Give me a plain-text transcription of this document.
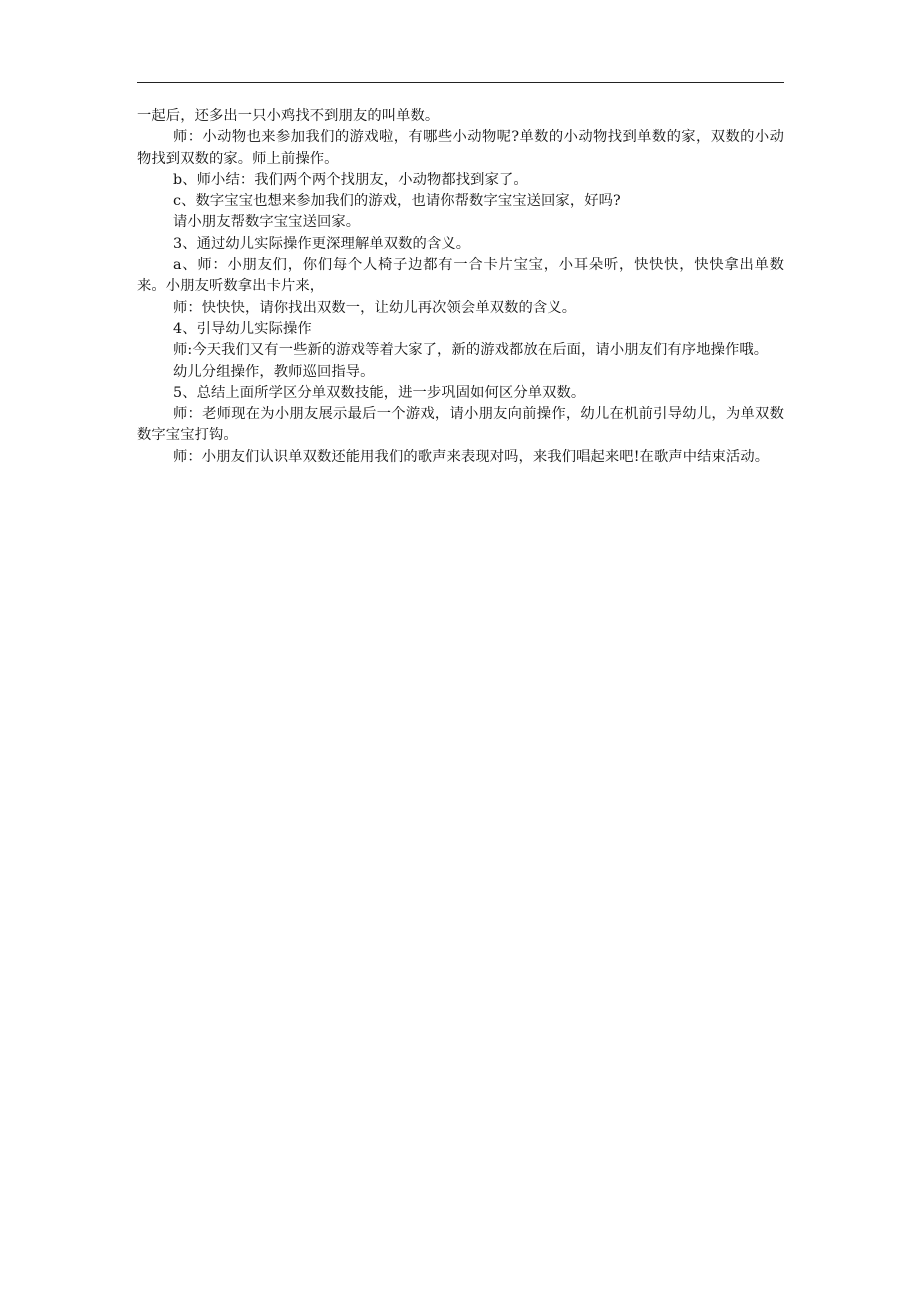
一起后，还多出一只小鸡找不到朋友的叫单数。

师：小动物也来参加我们的游戏啦，有哪些小动物呢?单数的小动物找到单数的家，双数的小动物找到双数的家。师上前操作。

b、师小结：我们两个两个找朋友，小动物都找到家了。

c、数字宝宝也想来参加我们的游戏，也请你帮数字宝宝送回家，好吗?

请小朋友帮数字宝宝送回家。

3、通过幼儿实际操作更深理解单双数的含义。

a、师：小朋友们，你们每个人椅子边都有一合卡片宝宝，小耳朵听，快快快，快快拿出单数来。小朋友听数拿出卡片来，

师：快快快，请你找出双数一，让幼儿再次领会单双数的含义。

4、引导幼儿实际操作

师:今天我们又有一些新的游戏等着大家了，新的游戏都放在后面，请小朋友们有序地操作哦。

幼儿分组操作，教师巡回指导。

5、总结上面所学区分单双数技能，进一步巩固如何区分单双数。

师：老师现在为小朋友展示最后一个游戏，请小朋友向前操作，幼儿在机前引导幼儿，为单双数数字宝宝打钩。

师：小朋友们认识单双数还能用我们的歌声来表现对吗，来我们唱起来吧!在歌声中结束活动。
